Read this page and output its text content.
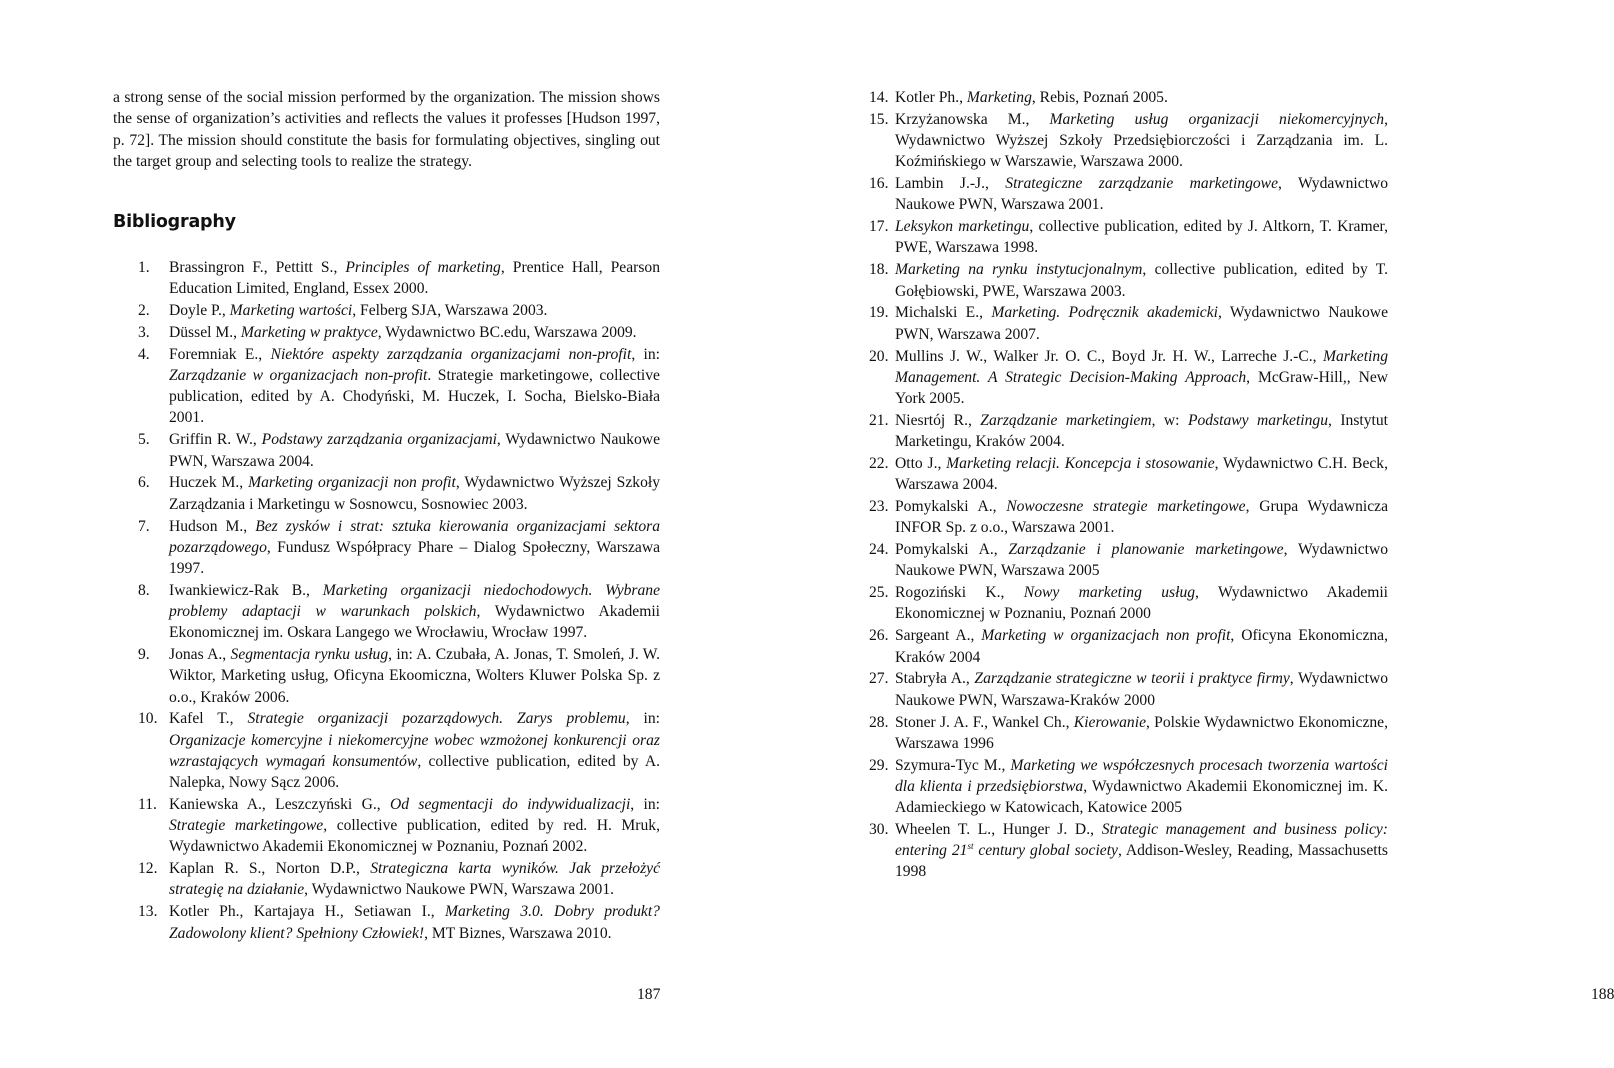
a strong sense of the social mission performed by the organization. The mission shows the sense of organization’s activities and reflects the values it professes [Hudson 1997, p. 72]. The mission should constitute the basis for formulating objectives, singling out the target group and selecting tools to realize the strategy.

Bibliography
1.	Brassingron F., Pettitt S., Principles of marketing, Prentice Hall, Pearson Education Limited, England, Essex 2000.
2.	Doyle P., Marketing wartości, Felberg SJA, Warszawa 2003.
3.	Düssel M., Marketing w praktyce, Wydawnictwo BC.edu, Warszawa 2009.
4.	Foremniak E., Niektóre aspekty zarządzania organizacjami non-profit, in: Zarządzanie w organizacjach non-profit. Strategie marketingowe, collective publication, edited by A. Chodyński, M. Huczek, I. Socha, Bielsko-Biała 2001.
5.	Griffin R. W., Podstawy zarządzania organizacjami, Wydawnictwo Naukowe PWN, Warszawa 2004.
6.	Huczek M., Marketing organizacji non profit, Wydawnictwo Wyższej Szkoły Zarządzania i Marketingu w Sosnowcu, Sosnowiec 2003.
7.	Hudson M., Bez zysków i strat: sztuka kierowania organizacjami sektora pozarządowego, Fundusz Współpracy Phare – Dialog Społeczny, Warszawa 1997.
8.	Iwankiewicz-Rak B., Marketing organizacji niedochodowych. Wybrane problemy adaptacji w warunkach polskich, Wydawnictwo Akademii Ekonomicznej im. Oskara Langego we Wrocławiu, Wrocław 1997.
9.	Jonas A., Segmentacja rynku usług, in: A. Czubała, A. Jonas, T. Smoleń, J. W. Wiktor, Marketing usług, Oficyna Ekoomiczna, Wolters Kluwer Polska Sp. z o.o., Kraków 2006.
10. Kafel T., Strategie organizacji pozarządowych. Zarys problemu, in: Organizacje komercyjne i niekomercyjne wobec wzmożonej konkurencji oraz wzrastających wymagań konsumentów, collective publication, edited by A. Nalepka, Nowy Sącz 2006.
11. Kaniewska A., Leszczyński G., Od segmentacji do indywidualizacji, in: Strategie marketingowe, collective publication, edited by red. H. Mruk, Wydawnictwo Akademii Ekonomicznej w Poznaniu, Poznań 2002.
12. Kaplan R. S., Norton D.P., Strategiczna karta wyników. Jak przełożyć strategię na działanie, Wydawnictwo Naukowe PWN, Warszawa 2001.
13. Kotler Ph., Kartajaya H., Setiawan I., Marketing 3.0. Dobry produkt? Zadowolony klient? Spełniony Człowiek!, MT Biznes, Warszawa 2010.
187
14. Kotler Ph., Marketing, Rebis, Poznań 2005.
15. Krzyżanowska M., Marketing usług organizacji niekomercyjnych, Wydawnictwo Wyższej Szkoły Przedsiębiorczości i Zarządzania im. L. Koźmińskiego w Warszawie, Warszawa 2000.
16. Lambin J.-J., Strategiczne zarządzanie marketingowe, Wydawnictwo Naukowe PWN, Warszawa 2001.
17. Leksykon marketingu, collective publication, edited by J. Altkorn, T. Kramer, PWE, Warszawa 1998.
18. Marketing na rynku instytucjonalnym, collective publication, edited by T. Gołębiowski, PWE, Warszawa 2003.
19. Michalski E., Marketing. Podręcznik akademicki, Wydawnictwo Naukowe PWN, Warszawa 2007.
20. Mullins J. W., Walker Jr. O. C., Boyd Jr. H. W., Larreche J.-C., Marketing Management. A Strategic Decision-Making Approach, McGraw-Hill,, New York 2005.
21. Niesrtój R., Zarządzanie marketingiem, w: Podstawy marketingu, Instytut Marketingu, Kraków 2004.
22. Otto J., Marketing relacji. Koncepcja i stosowanie, Wydawnictwo C.H. Beck, Warszawa 2004.
23. Pomykalski A., Nowoczesne strategie marketingowe, Grupa Wydawnicza INFOR Sp. z o.o., Warszawa 2001.
24. Pomykalski A., Zarządzanie i planowanie marketingowe, Wydawnictwo Naukowe PWN, Warszawa 2005
25. Rogoziński K., Nowy marketing usług, Wydawnictwo Akademii Ekonomicznej w Poznaniu, Poznań 2000
26. Sargeant A., Marketing w organizacjach non profit, Oficyna Ekonomiczna, Kraków 2004
27. Stabryła A., Zarządzanie strategiczne w teorii i praktyce firmy, Wydawnictwo Naukowe PWN, Warszawa-Kraków 2000
28. Stoner J. A. F., Wankel Ch., Kierowanie, Polskie Wydawnictwo Ekonomiczne, Warszawa 1996
29. Szymura-Tyc M., Marketing we współczesnych procesach tworzenia wartości dla klienta i przedsiębiorstwa, Wydawnictwo Akademii Ekonomicznej im. K. Adamieckiego w Katowicach, Katowice 2005
30. Wheelen T. L., Hunger J. D., Strategic management and business policy: entering 21st century global society, Addison-Wesley, Reading, Massachusetts 1998
188
